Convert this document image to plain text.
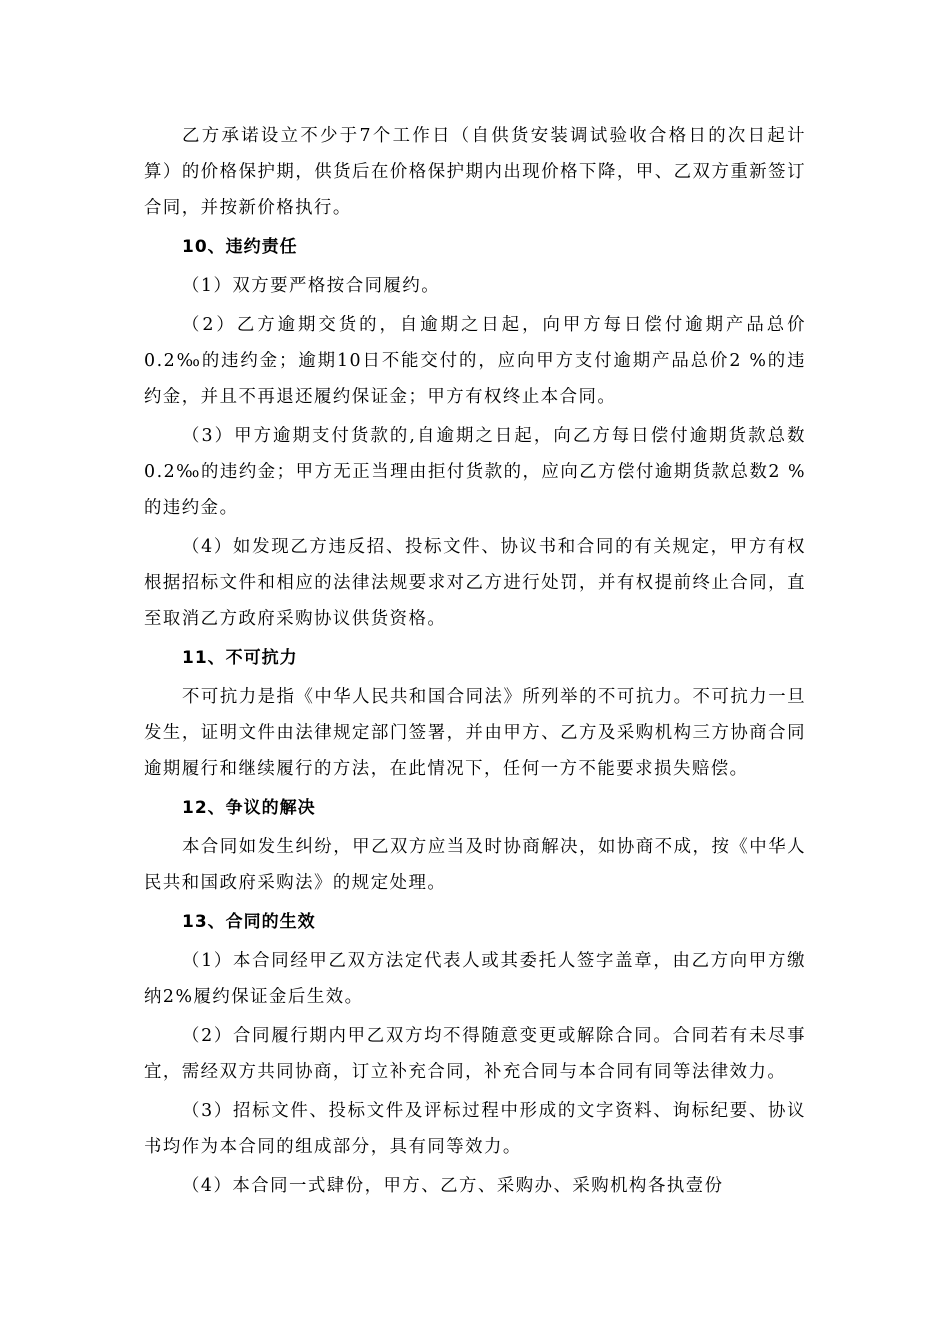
乙方承诺设立不少于7个工作日（自供货安装调试验收合格日的次日起计算）的价格保护期，供货后在价格保护期内出现价格下降，甲、乙双方重新签订合同，并按新价格执行。

10、违约责任

（1）双方要严格按合同履约。

（2）乙方逾期交货的，自逾期之日起，向甲方每日偿付逾期产品总价0.2‰的违约金；逾期10日不能交付的，应向甲方支付逾期产品总价2 %的违约金，并且不再退还履约保证金；甲方有权终止本合同。

（3）甲方逾期支付货款的,自逾期之日起，向乙方每日偿付逾期货款总数0.2‰的违约金；甲方无正当理由拒付货款的，应向乙方偿付逾期货款总数2 %的违约金。

（4）如发现乙方违反招、投标文件、协议书和合同的有关规定，甲方有权根据招标文件和相应的法律法规要求对乙方进行处罚，并有权提前终止合同，直至取消乙方政府采购协议供货资格。

11、不可抗力

不可抗力是指《中华人民共和国合同法》所列举的不可抗力。不可抗力一旦发生，证明文件由法律规定部门签署，并由甲方、乙方及采购机构三方协商合同逾期履行和继续履行的方法，在此情况下，任何一方不能要求损失赔偿。

12、争议的解决

本合同如发生纠纷，甲乙双方应当及时协商解决，如协商不成，按《中华人民共和国政府采购法》的规定处理。

13、合同的生效

（1）本合同经甲乙双方法定代表人或其委托人签字盖章，由乙方向甲方缴纳2%履约保证金后生效。

（2）合同履行期内甲乙双方均不得随意变更或解除合同。合同若有未尽事宜，需经双方共同协商，订立补充合同，补充合同与本合同有同等法律效力。

（3）招标文件、投标文件及评标过程中形成的文字资料、询标纪要、协议书均作为本合同的组成部分，具有同等效力。

（4）本合同一式肆份，甲方、乙方、采购办、采购机构各执壹份
